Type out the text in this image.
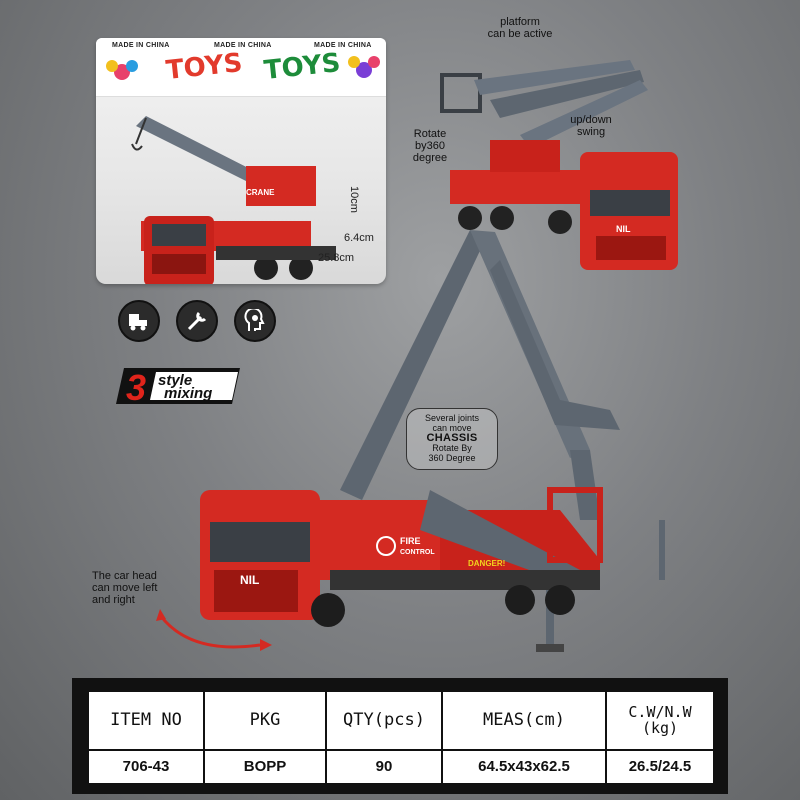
MADE IN CHINA	MADE IN CHINA	MADE IN CHINA
TOYS TOYS
CRANE	10cm
6.4cm
25.8cm
3 style
mixing
NIL
FIRE
CONTROL
DANGER!
NIL
platform
can be active
Rotate
by360
degree
up/down
swing
The car head
can move left
and right
Several joints
can move
CHASSIS
Rotate By
360 Degree
ITEM NO	PKG	QTY(pcs)	MEAS(cm)	C.W/N.W
(kg)
706-43	BOPP	90	64.5x43x62.5	26.5/24.5
